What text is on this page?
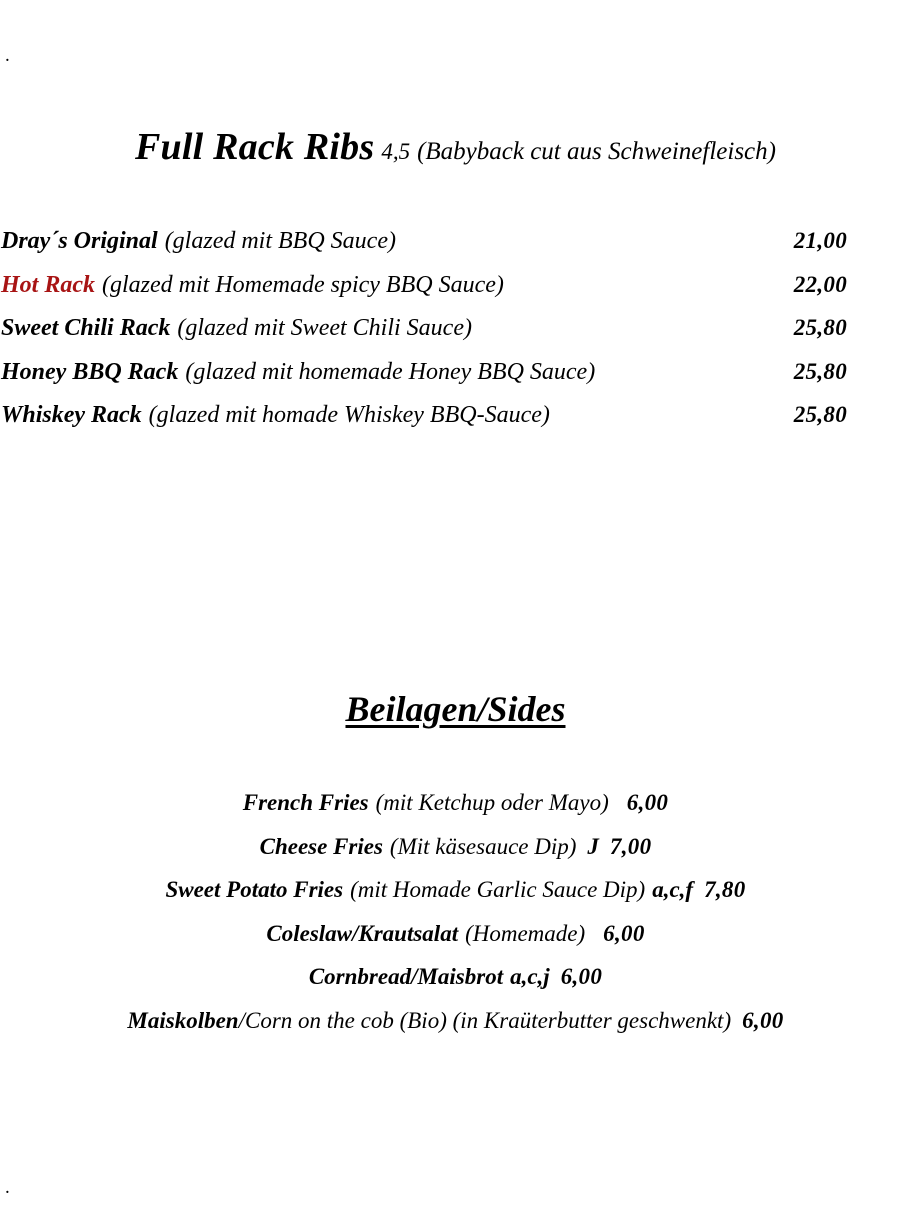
.
Full Rack Ribs 4,5 (Babyback cut aus Schweinefleisch)
Dray´s Original (glazed mit BBQ Sauce)	21,00
Hot Rack (glazed mit Homemade spicy BBQ Sauce)	22,00
Sweet Chili Rack (glazed mit Sweet Chili Sauce)	25,80
Honey BBQ Rack (glazed mit homemade Honey BBQ Sauce)	25,80
Whiskey Rack (glazed mit homade Whiskey BBQ-Sauce)	25,80
Beilagen/Sides
French Fries (mit Ketchup oder Mayo) 6,00
Cheese Fries (Mit käsesauce Dip) J 7,00
Sweet Potato Fries (mit Homade Garlic Sauce Dip) a,c,f 7,80
Coleslaw/Krautsalat (Homemade) 6,00
Cornbread/Maisbrot a,c,j 6,00
Maiskolben/Corn on the cob (Bio) (in Kraüterbutter geschwenkt) 6,00
.
